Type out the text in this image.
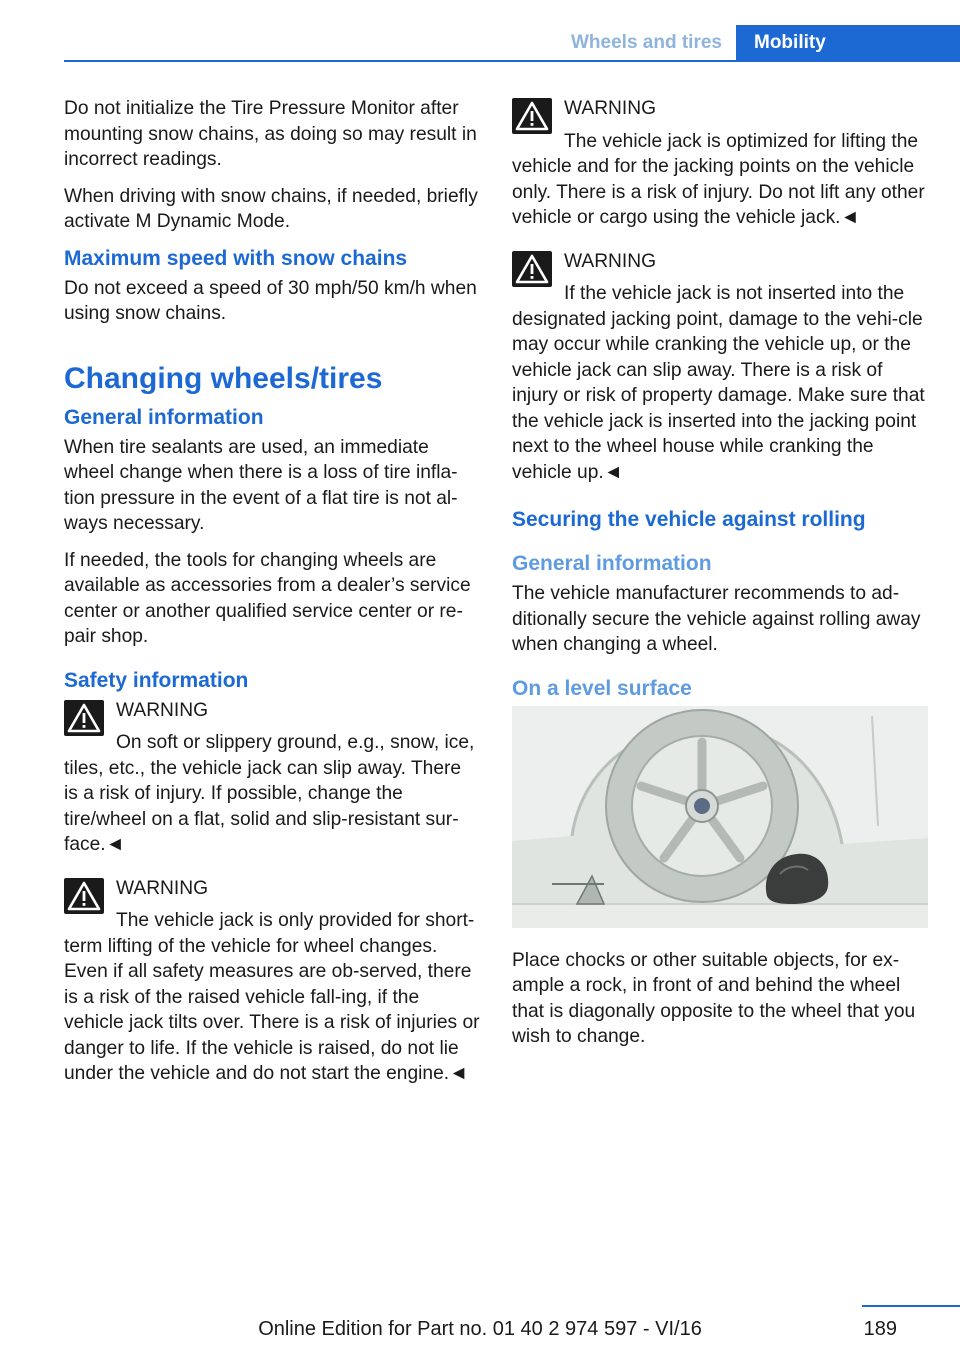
Wheels and tires	Mobility

Do not initialize the Tire Pressure Monitor after mounting snow chains, as doing so may result in incorrect readings.

When driving with snow chains, if needed, briefly activate M Dynamic Mode.

Maximum speed with snow chains

Do not exceed a speed of 30 mph/50 km/h when using snow chains.

Changing wheels/tires
General information

When tire sealants are used, an immediate wheel change when there is a loss of tire infla‐tion pressure in the event of a flat tire is not al‐ways necessary.

If needed, the tools for changing wheels are available as accessories from a dealer’s service center or another qualified service center or re‐pair shop.

Safety information
WARNING
On soft or slippery ground, e.g., snow, ice, tiles, etc., the vehicle jack can slip away. There is a risk of injury. If possible, change the tire/wheel on a flat, solid and slip-resistant sur‐face.◄
WARNING
The vehicle jack is only provided for short-term lifting of the vehicle for wheel changes. Even if all safety measures are ob‐served, there is a risk of the raised vehicle fall‐ing, if the vehicle jack tilts over. There is a risk of injuries or danger to life. If the vehicle is raised, do not lie under the vehicle and do not start the engine.◄
WARNING
The vehicle jack is optimized for lifting the vehicle and for the jacking points on the vehicle only. There is a risk of injury. Do not lift any other vehicle or cargo using the vehicle jack.◄
WARNING
If the vehicle jack is not inserted into the designated jacking point, damage to the vehi‐cle may occur while cranking the vehicle up, or the vehicle jack can slip away. There is a risk of injury or risk of property damage. Make sure that the vehicle jack is inserted into the jacking point next to the wheel house while cranking the vehicle up.◄
Securing the vehicle against rolling
General information

The vehicle manufacturer recommends to ad‐ditionally secure the vehicle against rolling away when changing a wheel.

On a level surface

Place chocks or other suitable objects, for ex‐ample a rock, in front of and behind the wheel that is diagonally opposite to the wheel that you wish to change.

189
Online Edition for Part no. 01 40 2 974 597 - VI/16
